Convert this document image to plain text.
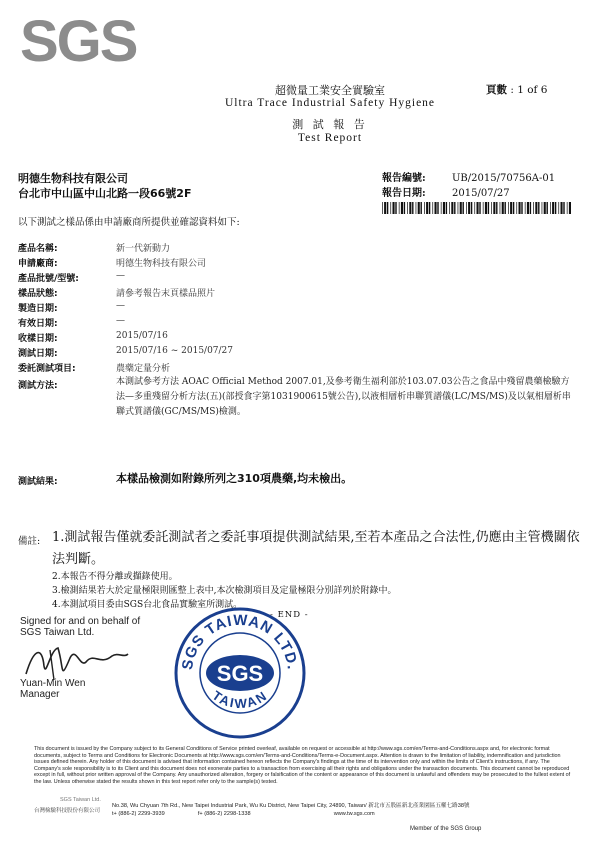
SGS
超微量工業安全實驗室
Ultra Trace Industrial Safety Hygiene
測 試 報 告
Test Report
頁數 : 1 of 6
明德生物科技有限公司
台北市中山區中山北路一段66號2F
報告編號:	UB/2015/70756A-01
報告日期:	2015/07/27
以下測試之樣品係由申請廠商所提供並確認資料如下:
產品名稱:	新一代新動力
申請廠商:	明德生物科技有限公司
產品批號/型號:	—
樣品狀態:	請參考報告末頁樣品照片
製造日期:	—
有效日期:	—
收樣日期:	2015/07/16
測試日期:	2015/07/16 ~ 2015/07/27
委託測試項目:	農藥定量分析
測試方法:	本測試參考方法 AOAC Official Method 2007.01,及參考衛生福利部於103.07.03公告之食品中殘留農藥檢驗方法—多重殘留分析方法(五)(部授食字第1031900615號公告),以液相層析串聯質譜儀(LC/MS/MS)及以氣相層析串聯式質譜儀(GC/MS/MS)檢測。
測試結果:	本樣品檢測如附錄所列之310項農藥,均未檢出。
備註: 1.測試報告僅就委託測試者之委託事項提供測試結果,至若本產品之合法性,仍應由主管機關依法判斷。
2.本報告不得分離或擷錄使用。
3.檢測結果若大於定量極限則匯整上表中,本次檢測項目及定量極限分別詳列於附錄中。
4.本測試項目委由SGS台北食品實驗室所測試。
- END -
Signed for and on behalf of
SGS Taiwan Ltd.
Yuan-Min Wen
Manager
SGS TAIWAN LTD.
TAIWAN
SGS
This document is issued by the Company subject to its General Conditions of Service printed overleaf, available on request or accessible at http://www.sgs.com/en/Terms-and-Conditions.aspx and, for electronic format documents, subject to Terms and Conditions for Electronic Documents at http://www.sgs.com/en/Terms-and-Conditions/Terms-e-Document.aspx. Attention is drawn to the limitation of liability, indemnification and jurisdiction issues defined therein. Any holder of this document is advised that information contained hereon reflects the Company's findings at the time of its intervention only and within the limits of Client's instructions, if any. The Company's sole responsibility is to its Client and this document does not exonerate parties to a transaction from exercising all their rights and obligations under the transaction documents. This document cannot be reproduced except in full, without prior written approval of the Company. Any unauthorized alteration, forgery or falsification of the content or appearance of this document is unlawful and offenders may be prosecuted to the fullest extent of the law. Unless otherwise stated the results shown in this test report refer only to the sample(s) tested.
SGS Taiwan Ltd.
台灣檢驗科技股份有限公司
No.38, Wu Chyuan 7th Rd., New Taipei Industrial Park, Wu Ku District, New Taipei City, 24890, Taiwan/ 新北市五股區新北產業園區五權七路38號
t+ (886-2) 2299-3939	f+ (886-2) 2298-1338	www.tw.sgs.com
Member of the SGS Group
